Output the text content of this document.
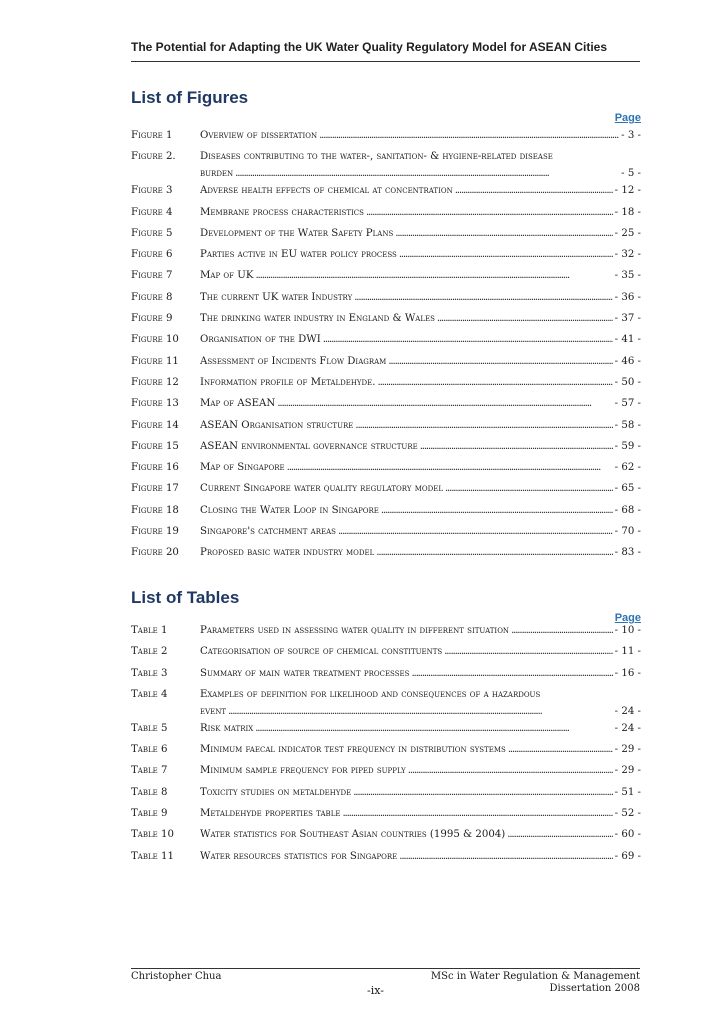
The Potential for Adapting the UK Water Quality Regulatory Model for ASEAN Cities
List of Figures
Page
Figure 1	Overview of dissertation . . .	- 3 -
Figure 2.	Diseases contributing to the water-, sanitation- & hygiene-related disease
burden . . .	- 5 -
Figure 3	Adverse health effects of chemical at concentration . . .	- 12 -
Figure 4	Membrane process characteristics . . .	- 18 -
Figure 5	Development of the Water Safety Plans . . .	- 25 -
Figure 6	Parties active in EU water policy process . . .	- 32 -
Figure 7	Map of UK . . .	- 35 -
Figure 8	The current UK water Industry . . .	- 36 -
Figure 9	The drinking water industry in England & Wales . . .	- 37 -
Figure 10	Organisation of the DWI . . .	- 41 -
Figure 11	Assessment of Incidents Flow Diagram . . .	- 46 -
Figure 12	Information profile of Metaldehyde. . . .	- 50 -
Figure 13	Map of ASEAN . . .	- 57 -
Figure 14	ASEAN Organisation structure . . .	- 58 -
Figure 15	ASEAN environmental governance structure . . .	- 59 -
Figure 16	Map of Singapore . . .	- 62 -
Figure 17	Current Singapore water quality regulatory model . . .	- 65 -
Figure 18	Closing the Water Loop in Singapore . . .	- 68 -
Figure 19	Singapore's catchment areas . . .	- 70 -
Figure 20	Proposed basic water industry model . . .	- 83 -
List of Tables
Page
Table 1	Parameters used in assessing water quality in different situation . . .	- 10 -
Table 2	Categorisation of source of chemical constituents . . .	- 11 -
Table 3	Summary of main water treatment processes . . .	- 16 -
Table 4	Examples of definition for likelihood and consequences of a hazardous
event . . .	- 24 -
Table 5	Risk matrix . . .	- 24 -
Table 6	Minimum faecal indicator test frequency in distribution systems . . .	- 29 -
Table 7	Minimum sample frequency for piped supply . . .	- 29 -
Table 8	Toxicity studies on metaldehyde . . .	- 51 -
Table 9	Metaldehyde properties table . . .	- 52 -
Table 10	Water statistics for Southeast Asian countries (1995 & 2004) . . .	- 60 -
Table 11	Water resources statistics for Singapore . . .	- 69 -
Christopher Chua	MSc in Water Regulation & Management
Dissertation 2008
-ix-
